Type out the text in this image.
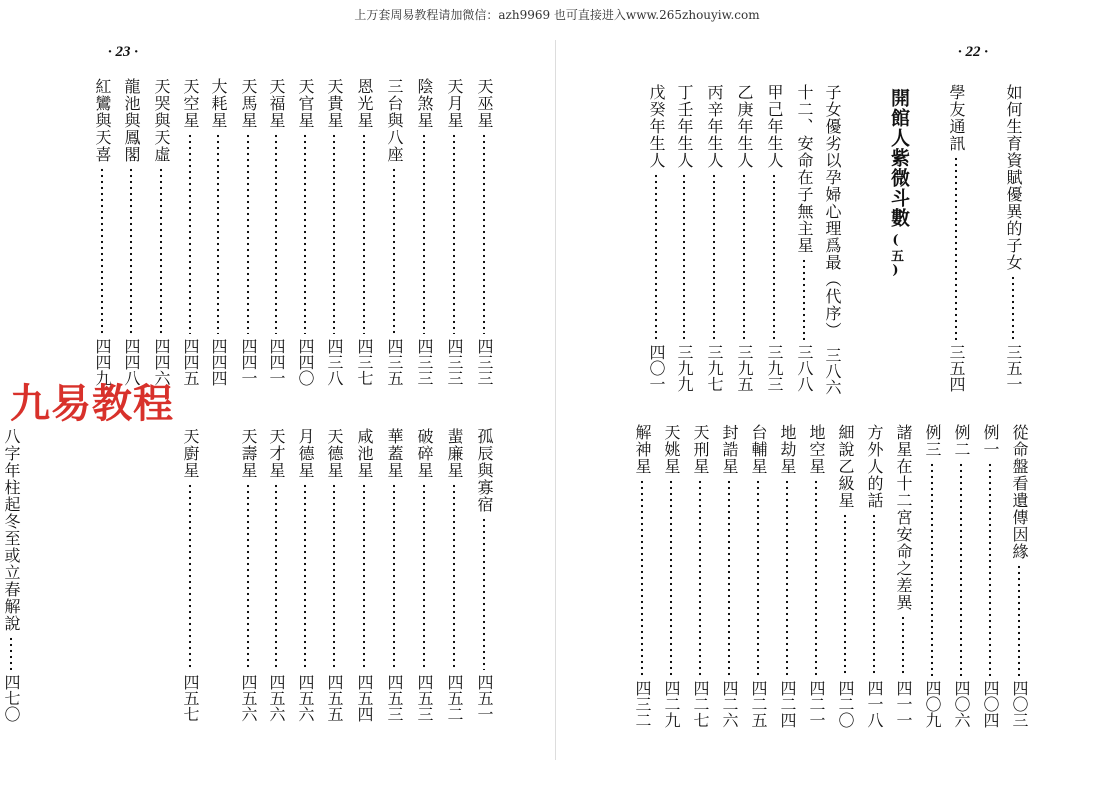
上万套周易教程请加微信：azh9969 也可直接进入www.265zhouyiw.com
· 23 ·	· 22 ·
開館人紫微斗數 (五)	如何生育資賦優異的子女
三五一
學友通訊
三五四
子女優劣以孕婦心理爲最（代序）
三八六
十二、安命在子無主星
三八八
甲己年生人
三九三
乙庚年生人
三九五
丙辛年生人
三九七
丁壬年生人
三九九
戊癸年生人
四〇一
從命盤看遺傳因緣
四〇三
例一
四〇四
例二
四〇六
例三
四〇九
諸星在十二宮安命之差異
四一一
方外人的話
四一八
細說乙級星
四二〇
地空星
四二一
地劫星
四二四
台輔星
四二五
封誥星
四二六
天刑星
四二七
天姚星
四二九
解神星
四三二
天巫星
四三三
天月星
四三三
陰煞星
四三三
三台與八座
四三五
恩光星
四三七
天貴星
四三八
天官星
四四〇
天福星
四四一
天馬星
四四一
大耗星
四四四
天空星
四四五
天哭與天虛
四四六
龍池與鳳閣
四四八
紅鸞與天喜
四四九
孤辰與寡宿
四五一
蜚廉星
四五二
破碎星
四五三
華蓋星
四五三
咸池星
四五四
天德星
四五五
月德星
四五六
天才星
四五六
天壽星
四五六
天廚星
四五七
八字年柱起冬至或立春解說
四七〇
九易教程
